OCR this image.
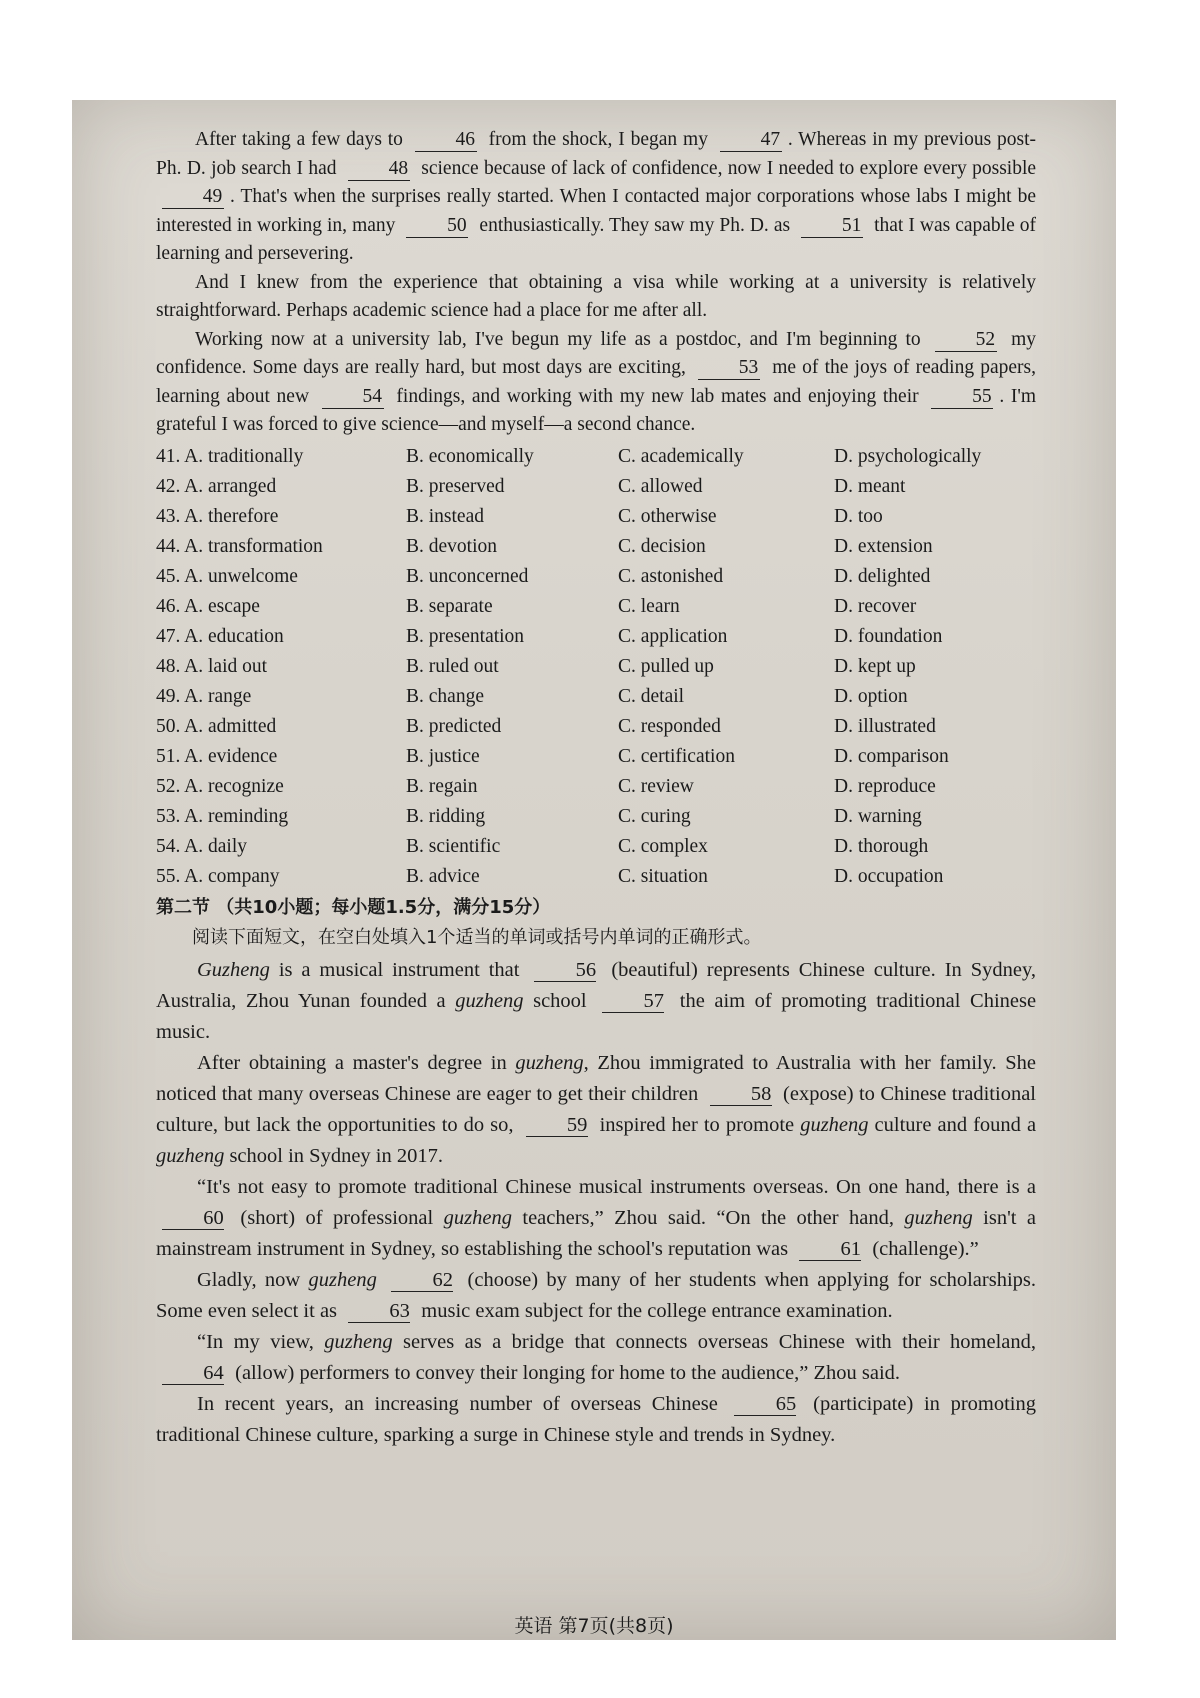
After taking a few days to	46 from the shock, I began my	47 . Whereas in my previous post-Ph. D. job search I had	48 science because of lack of confidence, now I needed to explore every possible 49 . That's when the surprises really started. When I contacted major corporations whose labs I might be interested in working in, many	50 enthusiastically. They saw my Ph. D. as	51 that I was capable of learning and persevering.

And I knew from the experience that obtaining a visa while working at a university is relatively straightforward. Perhaps academic science had a place for me after all.

Working now at a university lab, I've begun my life as a postdoc, and I'm beginning to	52 my confidence. Some days are really hard, but most days are exciting,	53 me of the joys of reading papers, learning about new	54 findings, and working with my new lab mates and enjoying their	55 . I'm grateful I was forced to give science—and myself—a second chance.

41. A. traditionally	B. economically	C. academically	D. psychologically
42. A. arranged	B. preserved	C. allowed	D. meant
43. A. therefore	B. instead	C. otherwise	D. too
44. A. transformation	B. devotion	C. decision	D. extension
45. A. unwelcome	B. unconcerned	C. astonished	D. delighted
46. A. escape	B. separate	C. learn	D. recover
47. A. education	B. presentation	C. application	D. foundation
48. A. laid out	B. ruled out	C. pulled up	D. kept up
49. A. range	B. change	C. detail	D. option
50. A. admitted	B. predicted	C. responded	D. illustrated
51. A. evidence	B. justice	C. certification	D. comparison
52. A. recognize	B. regain	C. review	D. reproduce
53. A. reminding	B. ridding	C. curing	D. warning
54. A. daily	B. scientific	C. complex	D. thorough
55. A. company	B. advice	C. situation	D. occupation
第二节 （共10小题；每小题1.5分，满分15分）
阅读下面短文，在空白处填入1个适当的单词或括号内单词的正确形式。

Guzheng is a musical instrument that	56 (beautiful) represents Chinese culture. In Sydney, Australia, Zhou Yunan founded a guzheng school	57 the aim of promoting traditional Chinese music.

After obtaining a master's degree in guzheng, Zhou immigrated to Australia with her family. She noticed that many overseas Chinese are eager to get their children	58 (expose) to Chinese traditional culture, but lack the opportunities to do so,	59 inspired her to promote guzheng culture and found a guzheng school in Sydney in 2017.

“It's not easy to promote traditional Chinese musical instruments overseas. On one hand, there is a 60 (short) of professional guzheng teachers,” Zhou said. “On the other hand, guzheng isn't a mainstream instrument in Sydney, so establishing the school's reputation was	61 (challenge).”

Gladly, now guzheng	62 (choose) by many of her students when applying for scholarships. Some even select it as	63 music exam subject for the college entrance examination.

“In my view, guzheng serves as a bridge that connects overseas Chinese with their homeland, 64 (allow) performers to convey their longing for home to the audience,” Zhou said.

In recent years, an increasing number of overseas Chinese	65 (participate) in promoting traditional Chinese culture, sparking a surge in Chinese style and trends in Sydney.

英语 第7页(共8页)
